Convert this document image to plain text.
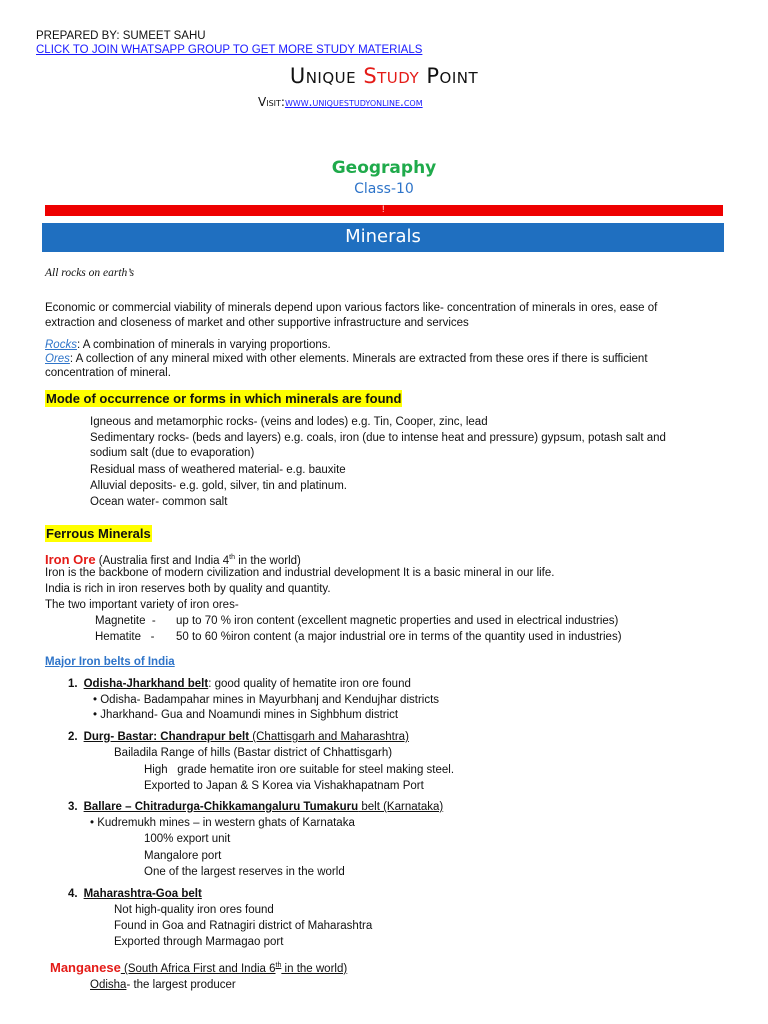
PREPARED BY: SUMEET SAHU
CLICK TO JOIN WHATSAPP GROUP TO GET MORE STUDY MATERIALS
Unique Study Point
Visit:www.uniquestudyonline.com
Geography
Class-10
!
Minerals
All rocks on earth’s
Economic or commercial viability of minerals depend upon various factors like- concentration of minerals in ores, ease of
extraction and closeness of market and other supportive infrastructure and services
Rocks: A combination of minerals in varying proportions.
Ores: A collection of any mineral mixed with other elements. Minerals are extracted from these ores if there is sufficient
concentration of mineral.
Mode of occurrence or forms in which minerals are found
Igneous and metamorphic rocks- (veins and lodes) e.g. Tin, Cooper, zinc, lead
Sedimentary rocks- (beds and layers) e.g. coals, iron (due to intense heat and pressure) gypsum, potash salt and
sodium salt (due to evaporation)
Residual mass of weathered material- e.g. bauxite
Alluvial deposits- e.g. gold, silver, tin and platinum.
Ocean water- common salt
Ferrous Minerals
Iron Ore (Australia first and India 4th in the world)
Iron is the backbone of modern civilization and industrial development It is a basic mineral in our life.
India is rich in iron reserves both by quality and quantity.
The two important variety of iron ores-
Magnetite  - up to 70 % iron content (excellent magnetic properties and used in electrical industries)
Hematite   - 50 to 60 %iron content (a major industrial ore in terms of the quantity used in industries)
Major Iron belts of India
1. Odisha-Jharkhand belt: good quality of hematite iron ore found
• Odisha- Badampahar mines in Mayurbhanj and Kendujhar districts
• Jharkhand- Gua and Noamundi mines in Sighbhum district
2. Durg- Bastar: Chandrapur belt (Chattisgarh and Maharashtra)
Bailadila Range of hills (Bastar district of Chhattisgarh)
High   grade hematite iron ore suitable for steel making steel.
Exported to Japan & S Korea via Vishakhapatnam Port
3. Ballare – Chitradurga-Chikkamangaluru Tumakuru belt (Karnataka)
• Kudremukh mines – in western ghats of Karnataka
100% export unit
Mangalore port
One of the largest reserves in the world
4. Maharashtra-Goa belt
Not high-quality iron ores found
Found in Goa and Ratnagiri district of Maharashtra
Exported through Marmagao port
Manganese (South Africa First and India 6th in the world)
Odisha- the largest producer
